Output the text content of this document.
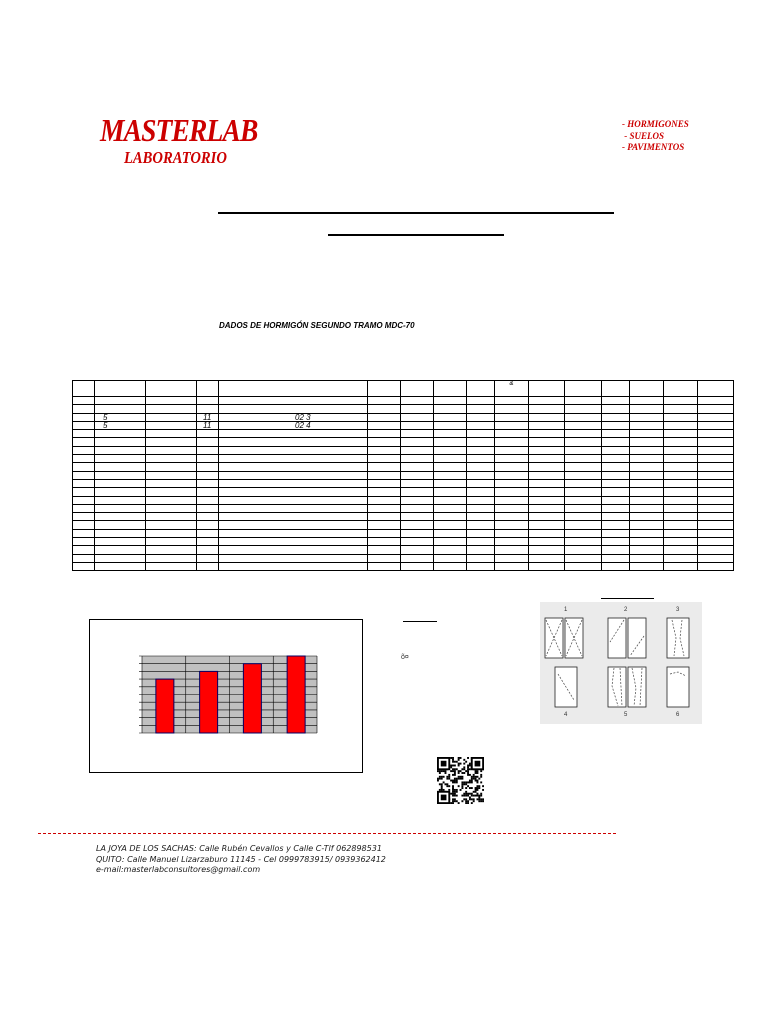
MASTERLAB
LABORATORIO
- HORMIGONES
- SUELOS
- PAVIMENTOS
DADOS DE HORMIGÓN SEGUNDO TRAMO MDC-70
									&						

	5		11	02 3											
	5		11	02 4											

õ¤
1	2	3
4	5	6
LA JOYA DE LOS SACHAS: Calle Rubén Cevallos y Calle C-Tlf 062898531
QUITO: Calle Manuel Lizarzaburo 11145 - Cel 0999783915/ 0939362412
e-mail:masterlabconsultores@gmail.com
